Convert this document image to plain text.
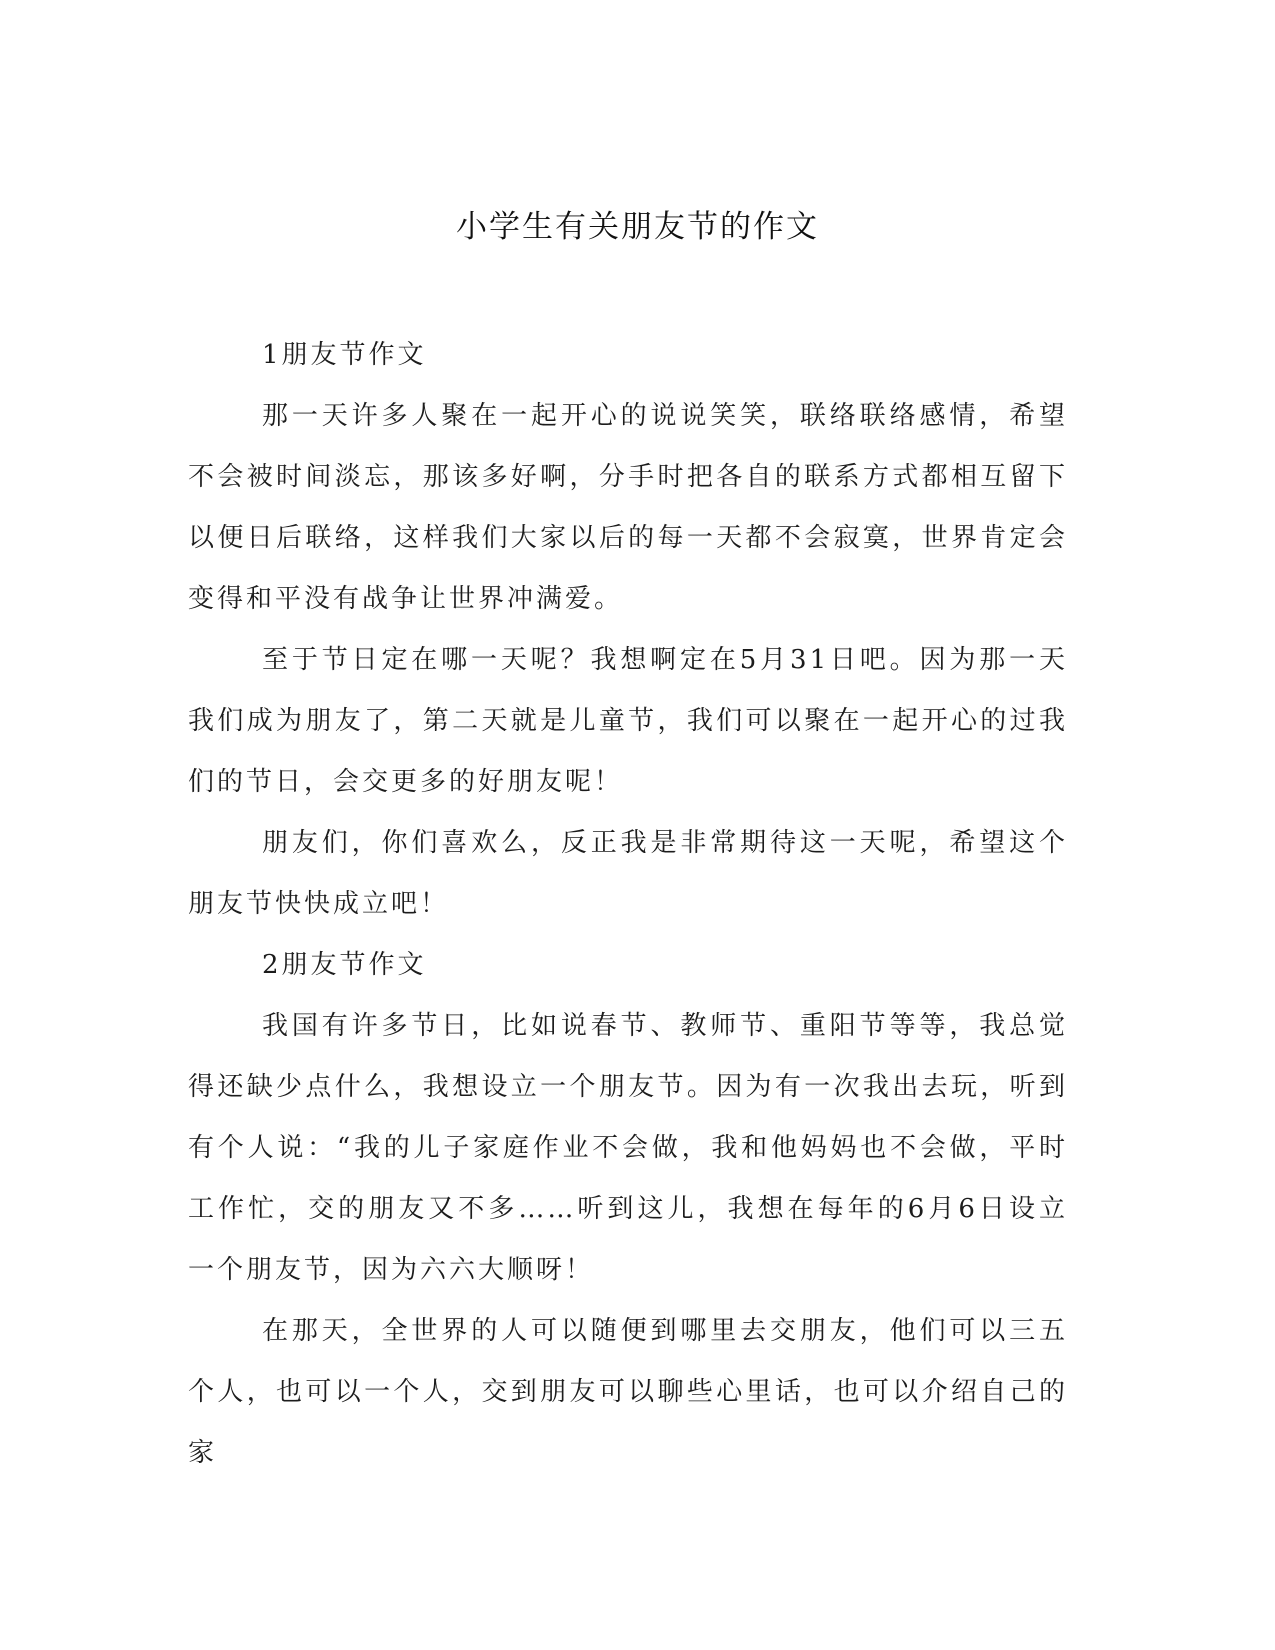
小学生有关朋友节的作文

1朋友节作文

那一天许多人聚在一起开心的说说笑笑，联络联络感情，希望不会被时间淡忘，那该多好啊，分手时把各自的联系方式都相互留下以便日后联络，这样我们大家以后的每一天都不会寂寞，世界肯定会变得和平没有战争让世界冲满爱。

至于节日定在哪一天呢？我想啊定在5月31日吧。因为那一天我们成为朋友了，第二天就是儿童节，我们可以聚在一起开心的过我们的节日，会交更多的好朋友呢！

朋友们，你们喜欢么，反正我是非常期待这一天呢，希望这个朋友节快快成立吧！

2朋友节作文

我国有许多节日，比如说春节、教师节、重阳节等等，我总觉得还缺少点什么，我想设立一个朋友节。因为有一次我出去玩，听到有个人说：“我的儿子家庭作业不会做，我和他妈妈也不会做，平时工作忙，交的朋友又不多……听到这儿，我想在每年的6月6日设立一个朋友节，因为六六大顺呀！

在那天，全世界的人可以随便到哪里去交朋友，他们可以三五个人，也可以一个人，交到朋友可以聊些心里话，也可以介绍自己的家
